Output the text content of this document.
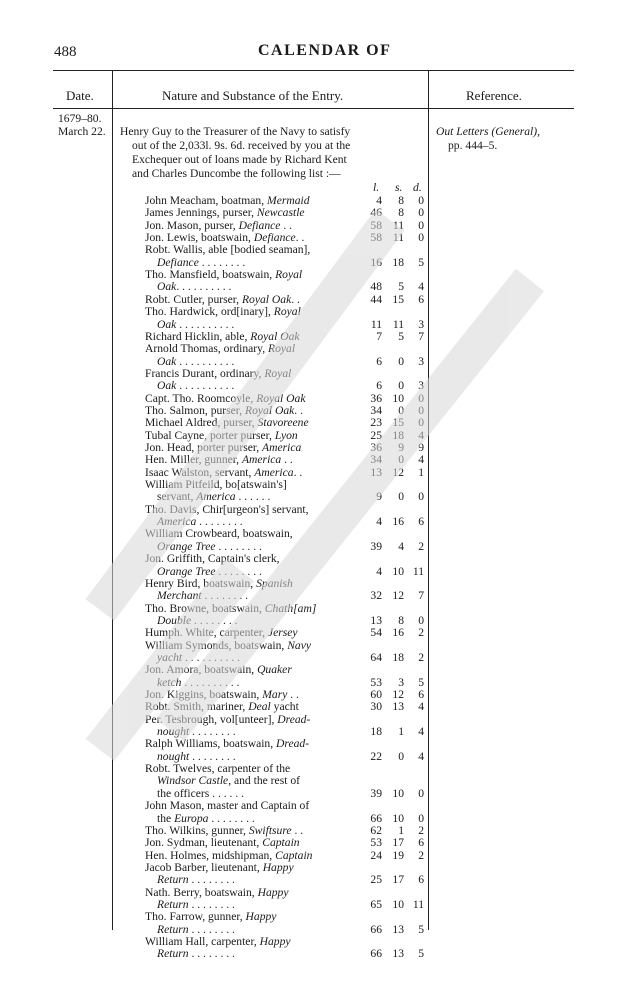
488	CALENDAR OF
Date.	Nature and Substance of the Entry.	Reference.
1679–80.
March 22. Henry Guy to the Treasurer of the Navy to satisfy
out of the 2,033l. 9s. 6d. received by you at the
Exchequer out of loans made by Richard Kent
and Charles Duncombe the following list :—
Out Letters (General),
pp. 444–5.
l. s. d.
John Meacham, boatman, Mermaid	4	8	0
James Jennings, purser, Newcastle	46	8	0
Jon. Mason, purser, Defiance . .	58 11	0
Jon. Lewis, boatswain, Defiance. .	58 11	0
Robt. Wallis, able [bodied seaman],
Defiance . . . . . . . .	16 18	5
Tho. Mansfield, boatswain, Royal
Oak. . . . . . . . . .	48	5	4
Robt. Cutler, purser, Royal Oak. .	44 15	6
Tho. Hardwick, ord[inary], Royal
Oak . . . . . . . . . .	11 11	3
Richard Hicklin, able, Royal Oak	7	5	7
Arnold Thomas, ordinary, Royal
Oak . . . . . . . . . .	6	0	3
Francis Durant, ordinary, Royal
Oak . . . . . . . . . .	6	0	3
Capt. Tho. Roomcoyle, Royal Oak	36 10	0
Tho. Salmon, purser, Royal Oak. .	34	0	0
Michael Aldred, purser, Stavoreene	23 15	0
Tubal Cayne, porter purser, Lyon	25 18	4
Jon. Head, porter purser, America	36	9	9
Hen. Miller, gunner, America . .	34	0	4
Isaac Walston, servant, America. .	13 12	1
William Pitfeild, bo[atswain's]
servant, America . . . . . .	9	0	0
Tho. Davis, Chir[urgeon's] servant,
America . . . . . . . .	4 16	6
William Crowbeard, boatswain,
Orange Tree . . . . . . . .	39	4	2
Jon. Griffith, Captain's clerk,
Orange Tree . . . . . . . .	4 10 11
Henry Bird, boatswain, Spanish
Merchant . . . . . . . .	32 12	7
Tho. Browne, boatswain, Chath[am]
Double . . . . . . . .	13	8	0
Humph. White, carpenter, Jersey	54 16	2
William Symonds, boatswain, Navy
yacht . . . . . . . . . .	64 18	2
Jon. Amora, boatswain, Quaker
ketch . . . . . . . . . .	53	3	5
Jon. Kiggins, boatswain, Mary . .	60 12	6
Robt. Smith, mariner, Deal yacht	30 13	4
Per. Tesbrough, vol[unteer], Dread-
nought . . . . . . . .	18	1	4
Ralph Williams, boatswain, Dread-
nought . . . . . . . .	22	0	4
Robt. Twelves, carpenter of the
Windsor Castle, and the rest of
the officers . . . . . .	39 10	0
John Mason, master and Captain of
the Europa . . . . . . . .	66 10	0
Tho. Wilkins, gunner, Swiftsure . .	62	1	2
Jon. Sydman, lieutenant, Captain	53 17	6
Hen. Holmes, midshipman, Captain	24 19	2
Jacob Barber, lieutenant, Happy
Return . . . . . . . .	25 17	6
Nath. Berry, boatswain, Happy
Return . . . . . . . .	65 10 11
Tho. Farrow, gunner, Happy
Return . . . . . . . .	66 13	5
William Hall, carpenter, Happy
Return . . . . . . . .	66 13	5
